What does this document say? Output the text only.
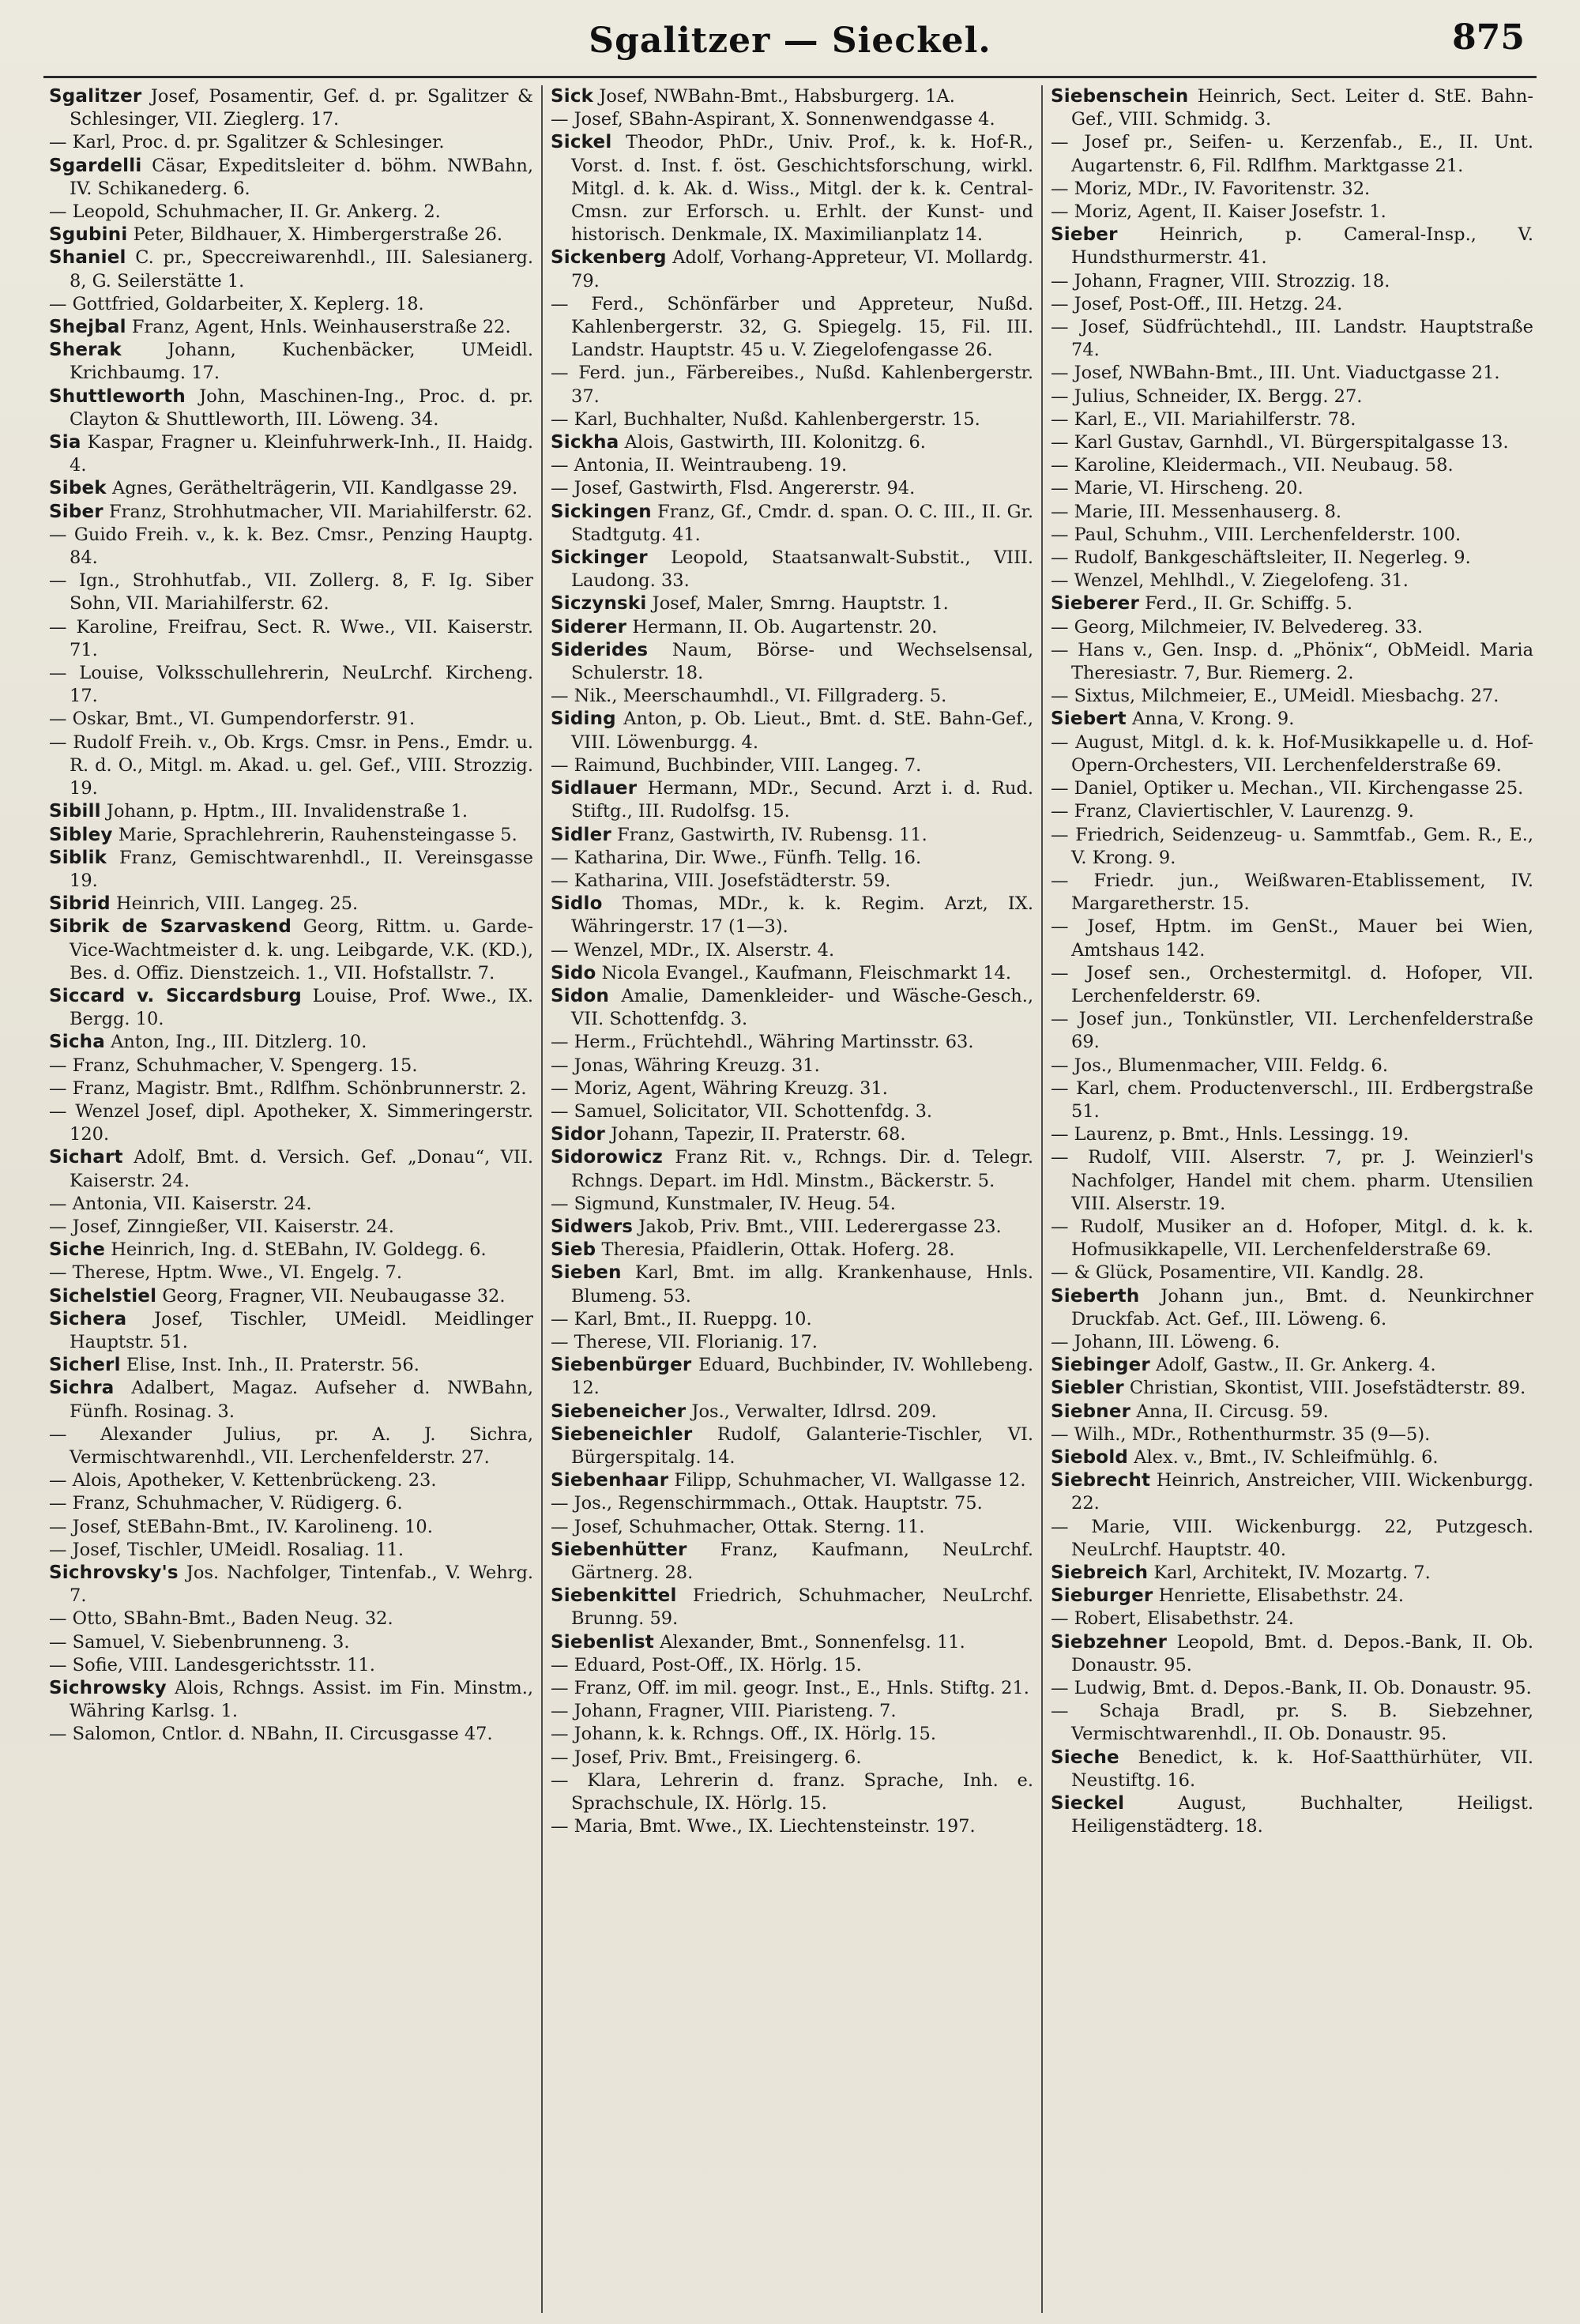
Sgalitzer — Sieckel.	875

Sgalitzer Josef, Posamentir, Gef. d. pr. Sgalitzer & Schlesinger, VII. Zieglerg. 17.

— Karl, Proc. d. pr. Sgalitzer & Schlesinger.

Sgardelli Cäsar, Expeditsleiter d. böhm. NWBahn, IV. Schikanederg. 6.

— Leopold, Schuhmacher, II. Gr. Ankerg. 2.

Sgubini Peter, Bildhauer, X. Himbergerstraße 26.

Shaniel C. pr., Speccreiwarenhdl., III. Salesianerg. 8, G. Seilerstätte 1.

— Gottfried, Goldarbeiter, X. Keplerg. 18.

Shejbal Franz, Agent, Hnls. Weinhauserstraße 22.

Sherak	Johann, Kuchenbäcker, UMeidl. Krichbaumg. 17.

Shuttleworth John, Maschinen-Ing., Proc. d. pr. Clayton & Shuttleworth, III. Löweng. 34.

Sia Kaspar, Fragner u. Kleinfuhrwerk-Inh., II. Haidg. 4.

Sibek Agnes, Geräthelträgerin, VII. Kandlgasse 29.

Siber Franz, Strohhutmacher, VII. Mariahilferstr. 62.

— Guido Freih. v., k. k. Bez. Cmsr., Penzing Hauptg. 84.

— Ign., Strohhutfab., VII. Zollerg. 8, F. Ig. Siber Sohn, VII. Mariahilferstr. 62.

— Karoline, Freifrau, Sect. R. Wwe., VII. Kaiserstr. 71.

— Louise, Volksschullehrerin, NeuLrchf. Kircheng. 17.

— Oskar, Bmt., VI. Gumpendorferstr. 91.

— Rudolf Freih. v., Ob. Krgs. Cmsr. in Pens., Emdr. u. R. d. O., Mitgl. m. Akad. u. gel. Gef., VIII. Strozzig. 19.

Sibill Johann, p. Hptm., III. Invalidenstraße 1.

Sibley Marie, Sprachlehrerin, Rauhensteingasse 5.

Siblik Franz, Gemischtwarenhdl., II. Vereinsgasse 19.

Sibrid Heinrich, VIII. Langeg. 25.

Sibrik de Szarvaskend Georg, Rittm. u. Garde-Vice-Wachtmeister d. k. ung. Leibgarde, V.K. (KD.), Bes. d. Offiz. Dienstzeich. 1., VII. Hofstallstr. 7.

Siccard v. Siccardsburg Louise, Prof. Wwe., IX. Bergg. 10.

Sicha Anton, Ing., III. Ditzlerg. 10.

— Franz, Schuhmacher, V. Spengerg. 15.

— Franz, Magistr. Bmt., Rdlfhm. Schönbrunnerstr. 2.

— Wenzel Josef, dipl. Apotheker, X. Simmeringerstr. 120.

Sichart Adolf, Bmt. d. Versich. Gef. „Donau“, VII. Kaiserstr. 24.

— Antonia, VII. Kaiserstr. 24.

— Josef, Zinngießer, VII. Kaiserstr. 24.

Siche Heinrich, Ing. d. StEBahn, IV. Goldegg. 6.

— Therese, Hptm. Wwe., VI. Engelg. 7.

Sichelstiel Georg, Fragner, VII. Neubaugasse 32.

Sichera Josef, Tischler, UMeidl. Meidlinger Hauptstr. 51.

Sicherl Elise, Inst. Inh., II. Praterstr. 56.

Sichra Adalbert, Magaz. Aufseher d. NWBahn, Fünfh. Rosinag. 3.

— Alexander Julius, pr. A. J. Sichra, Vermischtwarenhdl., VII. Lerchenfelderstr. 27.

— Alois, Apotheker, V. Kettenbrückeng. 23.

— Franz, Schuhmacher, V. Rüdigerg. 6.

— Josef, StEBahn-Bmt., IV. Karolineng. 10.

— Josef, Tischler, UMeidl. Rosaliag. 11.

Sichrovsky's Jos. Nachfolger, Tintenfab., V. Wehrg. 7.

— Otto, SBahn-Bmt., Baden Neug. 32.

— Samuel, V. Siebenbrunneng. 3.

— Sofie, VIII. Landesgerichtsstr. 11.

Sichrowsky Alois, Rchngs. Assist. im Fin. Minstm., Währing Karlsg. 1.

— Salomon, Cntlor. d. NBahn, II. Circusgasse 47.

Sick Josef, NWBahn-Bmt., Habsburgerg. 1A.

— Josef, SBahn-Aspirant, X. Sonnenwendgasse 4.

Sickel Theodor, PhDr., Univ. Prof., k. k. Hof-R., Vorst. d. Inst. f. öst. Geschichtsforschung, wirkl. Mitgl. d. k. Ak. d. Wiss., Mitgl. der k. k. Central-Cmsn. zur Erforsch. u. Erhlt. der Kunst- und historisch. Denkmale, IX. Maximilianplatz 14.

Sickenberg Adolf, Vorhang-Appreteur, VI. Mollardg. 79.

— Ferd., Schönfärber und Appreteur, Nußd. Kahlenbergerstr. 32, G. Spiegelg. 15, Fil. III. Landstr. Hauptstr. 45 u. V. Ziegelofengasse 26.

— Ferd. jun., Färbereibes., Nußd. Kahlenbergerstr. 37.

— Karl, Buchhalter, Nußd. Kahlenbergerstr. 15.

Sickha Alois, Gastwirth, III. Kolonitzg. 6.

— Antonia, II. Weintraubeng. 19.

— Josef, Gastwirth, Flsd. Angererstr. 94.

Sickingen Franz, Gf., Cmdr. d. span. O. C. III., II. Gr. Stadtgutg. 41.

Sickinger Leopold, Staatsanwalt-Substit., VIII. Laudong. 33.

Siczynski Josef, Maler, Smrng. Hauptstr. 1.

Siderer Hermann, II. Ob. Augartenstr. 20.

Siderides Naum, Börse- und Wechselsensal, Schulerstr. 18.

— Nik., Meerschaumhdl., VI. Fillgraderg. 5.

Siding Anton, p. Ob. Lieut., Bmt. d. StE. Bahn-Gef., VIII. Löwenburgg. 4.

— Raimund, Buchbinder, VIII. Langeg. 7.

Sidlauer Hermann, MDr., Secund. Arzt i. d. Rud. Stiftg., III. Rudolfsg. 15.

Sidler Franz, Gastwirth, IV. Rubensg. 11.

— Katharina, Dir. Wwe., Fünfh. Tellg. 16.

— Katharina, VIII. Josefstädterstr. 59.

Sidlo Thomas, MDr., k. k. Regim. Arzt, IX. Währingerstr. 17 (1—3).

— Wenzel, MDr., IX. Alserstr. 4.

Sido Nicola Evangel., Kaufmann, Fleischmarkt 14.

Sidon Amalie, Damenkleider- und Wäsche-Gesch., VII. Schottenfdg. 3.

— Herm., Früchtehdl., Währing Martinsstr. 63.

— Jonas, Währing Kreuzg. 31.

— Moriz, Agent, Währing Kreuzg. 31.

— Samuel, Solicitator, VII. Schottenfdg. 3.

Sidor Johann, Tapezir, II. Praterstr. 68.

Sidorowicz Franz Rit. v., Rchngs. Dir. d. Telegr. Rchngs. Depart. im Hdl. Minstm., Bäckerstr. 5.

— Sigmund, Kunstmaler, IV. Heug. 54.

Sidwers Jakob, Priv. Bmt., VIII. Lederergasse 23.

Sieb Theresia, Pfaidlerin, Ottak. Hoferg. 28.

Sieben Karl, Bmt. im allg. Krankenhause, Hnls. Blumeng. 53.

— Karl, Bmt., II. Rueppg. 10.

— Therese, VII. Florianig. 17.

Siebenbürger Eduard, Buchbinder, IV. Wohllebeng. 12.

Siebeneicher Jos., Verwalter, Idlrsd. 209.

Siebeneichler Rudolf, Galanterie-Tischler, VI. Bürgerspitalg. 14.

Siebenhaar Filipp, Schuhmacher, VI. Wallgasse 12.

— Jos., Regenschirmmach., Ottak. Hauptstr. 75.

— Josef, Schuhmacher, Ottak. Sterng. 11.

Siebenhütter Franz, Kaufmann, NeuLrchf. Gärtnerg. 28.

Siebenkittel Friedrich, Schuhmacher, NeuLrchf. Brunng. 59.

Siebenlist Alexander, Bmt., Sonnenfelsg. 11.

— Eduard, Post-Off., IX. Hörlg. 15.

— Franz, Off. im mil. geogr. Inst., E., Hnls. Stiftg. 21.

— Johann, Fragner, VIII. Piaristeng. 7.

— Johann, k. k. Rchngs. Off., IX. Hörlg. 15.

— Josef, Priv. Bmt., Freisingerg. 6.

— Klara, Lehrerin d. franz. Sprache, Inh. e. Sprachschule, IX. Hörlg. 15.

— Maria, Bmt. Wwe., IX. Liechtensteinstr. 197.

Siebenschein Heinrich, Sect. Leiter d. StE. Bahn-Gef., VIII. Schmidg. 3.

— Josef pr., Seifen- u. Kerzenfab., E., II. Unt. Augartenstr. 6, Fil. Rdlfhm. Marktgasse 21.

— Moriz, MDr., IV. Favoritenstr. 32.

— Moriz, Agent, II. Kaiser Josefstr. 1.

Sieber Heinrich, p. Cameral-Insp., V. Hundsthurmerstr. 41.

— Johann, Fragner, VIII. Strozzig. 18.

— Josef, Post-Off., III. Hetzg. 24.

— Josef, Südfrüchtehdl., III. Landstr. Hauptstraße 74.

— Josef, NWBahn-Bmt., III. Unt. Viaductgasse 21.

— Julius, Schneider, IX. Bergg. 27.

— Karl, E., VII. Mariahilferstr. 78.

— Karl Gustav, Garnhdl., VI. Bürgerspitalgasse 13.

— Karoline, Kleidermach., VII. Neubaug. 58.

— Marie, VI. Hirscheng. 20.

— Marie, III. Messenhauserg. 8.

— Paul, Schuhm., VIII. Lerchenfelderstr. 100.

— Rudolf, Bankgeschäftsleiter, II. Negerleg. 9.

— Wenzel, Mehlhdl., V. Ziegelofeng. 31.

Sieberer Ferd., II. Gr. Schiffg. 5.

— Georg, Milchmeier, IV. Belvedereg. 33.

— Hans v., Gen. Insp. d. „Phönix“, ObMeidl. Maria Theresiastr. 7, Bur. Riemerg. 2.

— Sixtus, Milchmeier, E., UMeidl. Miesbachg. 27.

Siebert Anna, V. Krong. 9.

— August, Mitgl. d. k. k. Hof-Musikkapelle u. d. Hof-Opern-Orchesters, VII. Lerchenfelderstraße 69.

— Daniel, Optiker u. Mechan., VII. Kirchengasse 25.

— Franz, Claviertischler, V. Laurenzg. 9.

— Friedrich, Seidenzeug- u. Sammtfab., Gem. R., E., V. Krong. 9.

— Friedr. jun., Weißwaren-Etablissement, IV. Margaretherstr. 15.

— Josef, Hptm. im GenSt., Mauer bei Wien, Amtshaus 142.

— Josef sen., Orchestermitgl. d. Hofoper, VII. Lerchenfelderstr. 69.

— Josef jun., Tonkünstler, VII. Lerchenfelderstraße 69.

— Jos., Blumenmacher, VIII. Feldg. 6.

— Karl, chem. Productenverschl., III. Erdbergstraße 51.

— Laurenz, p. Bmt., Hnls. Lessingg. 19.

— Rudolf, VIII. Alserstr. 7, pr. J. Weinzierl's Nachfolger, Handel mit chem. pharm. Utensilien VIII. Alserstr. 19.

— Rudolf, Musiker an d. Hofoper, Mitgl. d. k. k. Hofmusikkapelle, VII. Lerchenfelderstraße 69.

— & Glück, Posamentire, VII. Kandlg. 28.

Sieberth Johann jun., Bmt. d. Neunkirchner Druckfab. Act. Gef., III. Löweng. 6.

— Johann, III. Löweng. 6.

Siebinger Adolf, Gastw., II. Gr. Ankerg. 4.

Siebler Christian, Skontist, VIII. Josefstädterstr. 89.

Siebner Anna, II. Circusg. 59.

— Wilh., MDr., Rothenthurmstr. 35 (9—5).

Siebold Alex. v., Bmt., IV. Schleifmühlg. 6.

Siebrecht Heinrich, Anstreicher, VIII. Wickenburgg. 22.

— Marie, VIII. Wickenburgg. 22, Putzgesch. NeuLrchf. Hauptstr. 40.

Siebreich Karl, Architekt, IV. Mozartg. 7.

Sieburger Henriette, Elisabethstr. 24.

— Robert, Elisabethstr. 24.

Siebzehner Leopold, Bmt. d. Depos.-Bank, II. Ob. Donaustr. 95.

— Ludwig, Bmt. d. Depos.-Bank, II. Ob. Donaustr. 95.

— Schaja Bradl, pr. S. B. Siebzehner, Vermischtwarenhdl., II. Ob. Donaustr. 95.

Sieche Benedict, k. k. Hof-Saatthürhüter, VII. Neustiftg. 16.

Sieckel	August, Buchhalter, Heiligst. Heiligenstädterg. 18.
